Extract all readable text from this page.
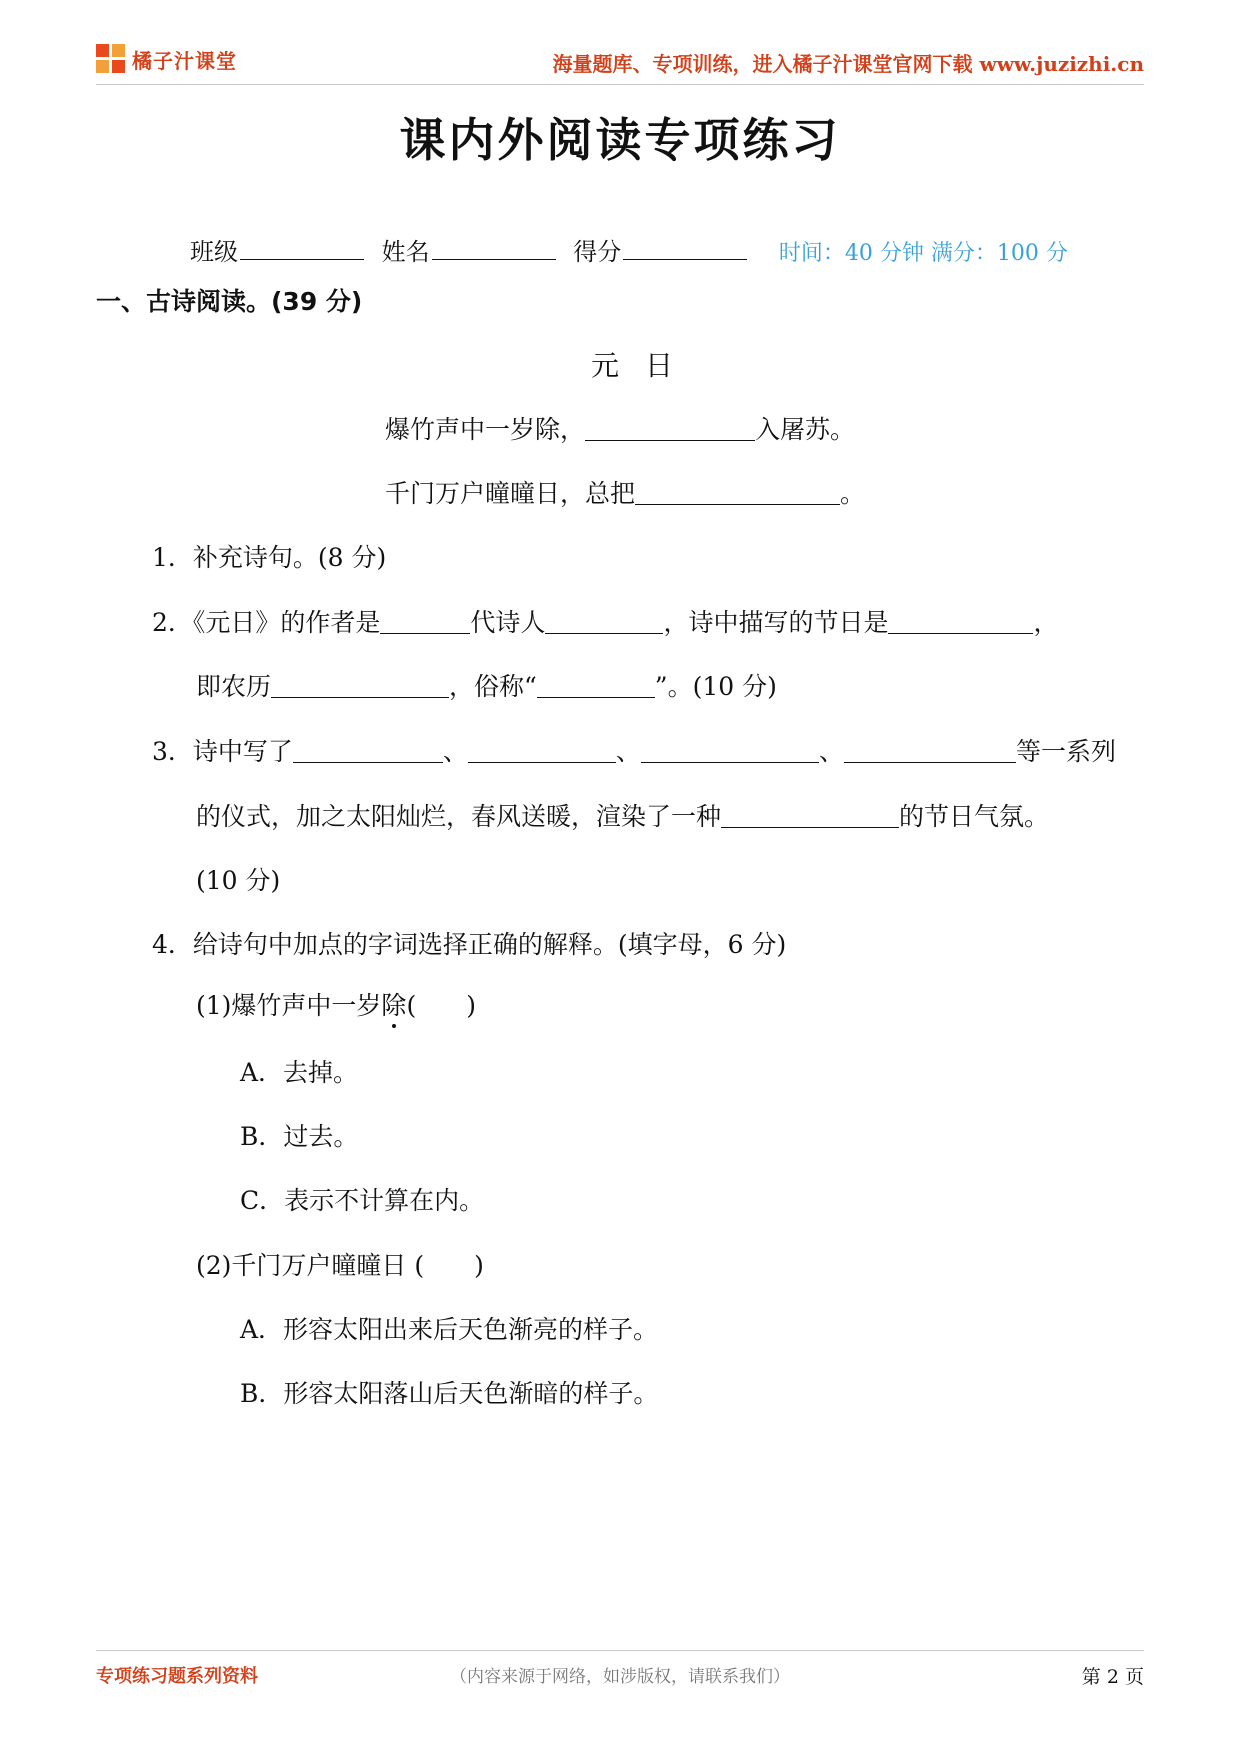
橘子汁课堂	海量题库、专项训练，进入橘子汁课堂官网下载 www.juzizhi.cn
课内外阅读专项练习
班级	姓名	得分	时间：40 分钟 满分：100 分
一、古诗阅读。(39 分)
元日
爆竹声中一岁除，	入屠苏。
千门万户曈曈日，总把	。
1．补充诗句。(8 分)
2．《元日》的作者是	代诗人	，诗中描写的节日是	，
即农历	，俗称“	”。(10 分)
3．诗中写了	、	、	、	等一系列
的仪式，加之太阳灿烂，春风送暖，渲染了一种	的节日气氛。
(10 分)
4．给诗句中加点的字词选择正确的解释。(填字母，6 分)
(1)爆竹声中一岁除(　　)
A．去掉。
B．过去。
C．表示不计算在内。
(2)千门万户曈曈日 (　　)
A．形容太阳出来后天色渐亮的样子。
B．形容太阳落山后天色渐暗的样子。
专项练习题系列资料	（内容来源于网络，如涉版权，请联系我们）	第 2 页
